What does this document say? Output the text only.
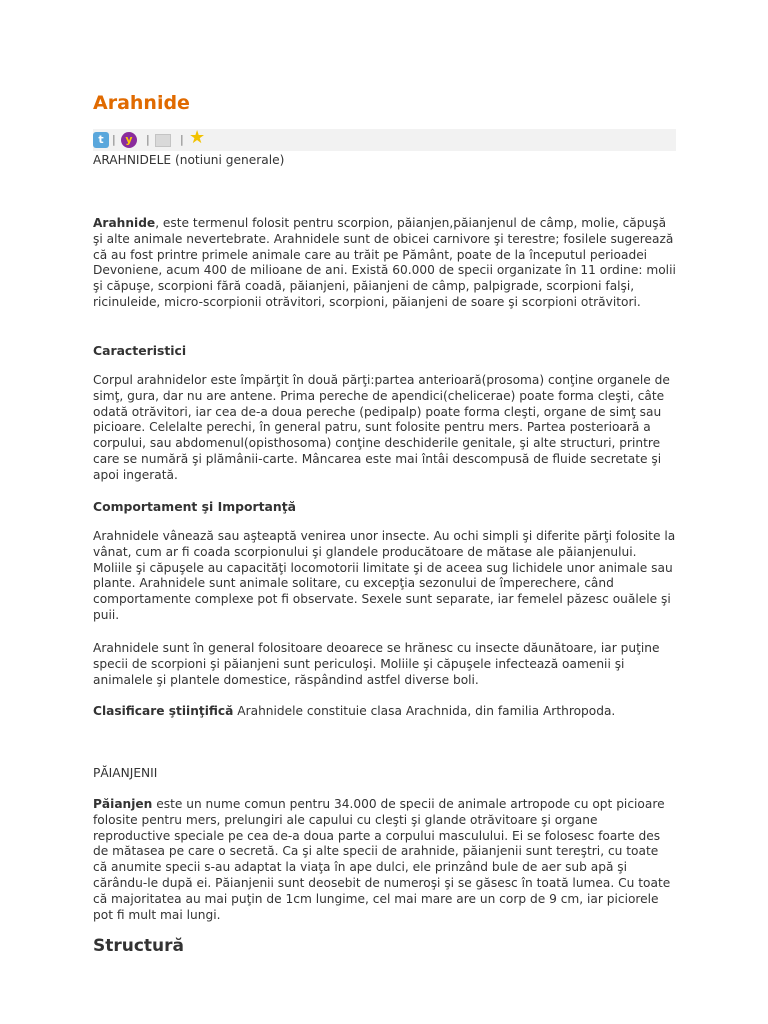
Arahnide
t | y	|	| ★

ARAHNIDELE (notiuni generale)

Arahnide, este termenul folosit pentru scorpion, păianjen,păianjenul de câmp, molie, căpuşă şi alte animale nevertebrate. Arahnidele sunt de obicei carnivore şi terestre; fosilele sugerează că au fost printre primele animale care au trăit pe Pământ, poate de la începutul perioadei Devoniene, acum 400 de milioane de ani. Există 60.000 de specii organizate în 11 ordine: molii şi căpuşe, scorpioni fără coadă, păianjeni, păianjeni de câmp, palpigrade, scorpioni falşi, ricinuleide, micro-scorpionii otrăvitori, scorpioni, păianjeni de soare şi scorpioni otrăvitori.

Caracteristici

Corpul arahnidelor este împărţit în două părţi:partea anterioară(prosoma) conţine organele de simţ, gura, dar nu are antene. Prima pereche de apendici(chelicerae) poate forma cleşti, câte odată otrăvitori, iar cea de-a doua pereche (pedipalp) poate forma cleşti, organe de simţ sau picioare. Celelalte perechi, în general patru, sunt folosite pentru mers. Partea posterioară a corpului, sau abdomenul(opisthosoma) conţine deschiderile genitale, şi alte structuri, printre care se numără şi plămânii-carte. Mâncarea este mai întâi descompusă de fluide secretate şi apoi ingerată.

Comportament şi Importanţă

Arahnidele vânează sau aşteaptă venirea unor insecte. Au ochi simpli şi diferite părţi folosite la vânat, cum ar fi coada scorpionului şi glandele producătoare de mătase ale păianjenului. Moliile şi căpuşele au capacităţi locomotorii limitate şi de aceea sug lichidele unor animale sau plante. Arahnidele sunt animale solitare, cu excepţia sezonului de împerechere, când comportamente complexe pot fi observate. Sexele sunt separate, iar femelel păzesc ouălele şi puii.

Arahnidele sunt în general folositoare deoarece se hrănesc cu insecte dăunătoare, iar puţine specii de scorpioni şi păianjeni sunt periculoşi. Moliile şi căpuşele infectează oamenii şi animalele şi plantele domestice, răspândind astfel diverse boli.

Clasificare ştiinţifică Arahnidele constituie clasa Arachnida, din familia Arthropoda.

PĂIANJENII

Păianjen este un nume comun pentru 34.000 de specii de animale artropode cu opt picioare folosite pentru mers, prelungiri ale capului cu cleşti şi glande otrăvitoare şi organe reproductive speciale pe cea de-a doua parte a corpului masculului. Ei se folosesc foarte des de mătasea pe care o secretă. Ca şi alte specii de arahnide, păianjenii sunt tereştri, cu toate că anumite specii s-au adaptat la viaţa în ape dulci, ele prinzând bule de aer sub apă şi cărându-le după ei. Păianjenii sunt deosebit de numeroşi şi se găsesc în toată lumea. Cu toate că majoritatea au mai puţin de 1cm lungime, cel mai mare are un corp de 9 cm, iar piciorele pot fi mult mai lungi.

Structură
